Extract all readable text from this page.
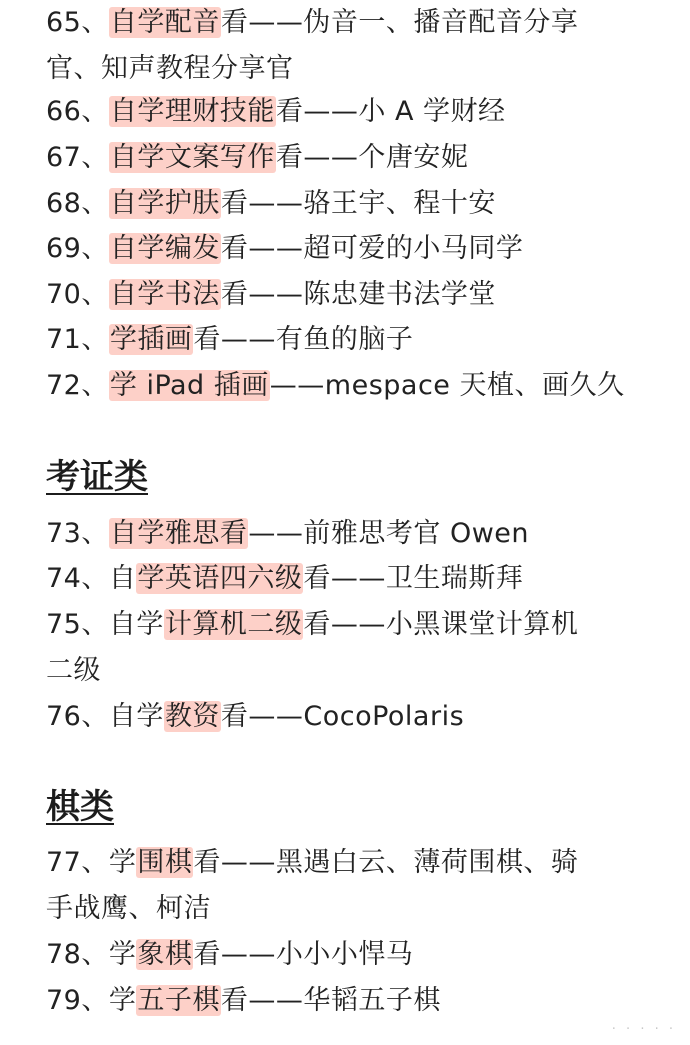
65、自学配音看——伪音一、播音配音分享
官、知声教程分享官
66、自学理财技能看——小 A 学财经
67、自学文案写作看——个唐安妮
68、自学护肤看——骆王宇、程十安
69、自学编发看——超可爱的小马同学
70、自学书法看——陈忠建书法学堂
71、学插画看——有鱼的脑子
72、学 iPad 插画——mespace 天植、画久久
考证类
73、自学雅思看——前雅思考官 Owen
74、自学英语四六级看——卫生瑞斯拜
75、自学计算机二级看——小黑课堂计算机
二级
76、自学教资看——CocoPolaris
棋类
77、学围棋看——黑遇白云、薄荷围棋、骑
手战鹰、柯洁
78、学象棋看——小小小悍马
79、学五子棋看——华韬五子棋
· · · · ·
